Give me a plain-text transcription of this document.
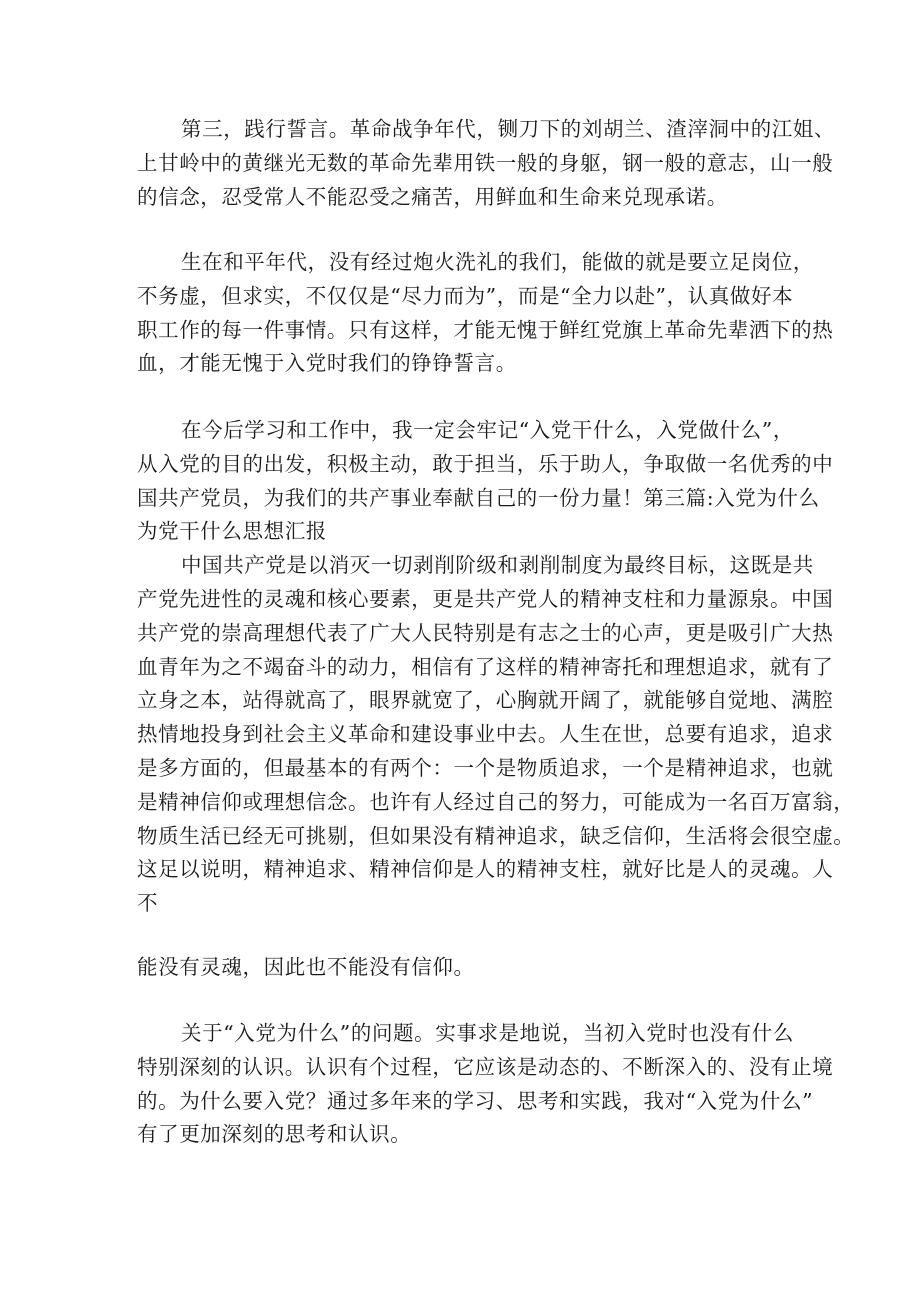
第三，践行誓言。革命战争年代，铡刀下的刘胡兰、渣滓洞中的江姐、
上甘岭中的黄继光无数的革命先辈用铁一般的身躯，钢一般的意志，山一般
的信念，忍受常人不能忍受之痛苦，用鲜血和生命来兑现承诺。

生在和平年代，没有经过炮火洗礼的我们，能做的就是要立足岗位，
不务虚，但求实，不仅仅是“尽力而为”，而是“全力以赴”，认真做好本
职工作的每一件事情。只有这样，才能无愧于鲜红党旗上革命先辈洒下的热
血，才能无愧于入党时我们的铮铮誓言。

在今后学习和工作中，我一定会牢记“入党干什么，入党做什么”，
从入党的目的出发，积极主动，敢于担当，乐于助人，争取做一名优秀的中
国共产党员，为我们的共产事业奉献自己的一份力量！第三篇:入党为什么
为党干什么思想汇报
中国共产党是以消灭一切剥削阶级和剥削制度为最终目标，这既是共
产党先进性的灵魂和核心要素，更是共产党人的精神支柱和力量源泉。中国
共产党的崇高理想代表了广大人民特别是有志之士的心声，更是吸引广大热
血青年为之不竭奋斗的动力，相信有了这样的精神寄托和理想追求，就有了
立身之本，站得就高了，眼界就宽了，心胸就开阔了，就能够自觉地、满腔
热情地投身到社会主义革命和建设事业中去。人生在世，总要有追求，追求
是多方面的，但最基本的有两个：一个是物质追求，一个是精神追求，也就
是精神信仰或理想信念。也许有人经过自己的努力，可能成为一名百万富翁，
物质生活已经无可挑剔，但如果没有精神追求，缺乏信仰，生活将会很空虚。
这足以说明，精神追求、精神信仰是人的精神支柱，就好比是人的灵魂。人
不

能没有灵魂，因此也不能没有信仰。

关于“入党为什么”的问题。实事求是地说，当初入党时也没有什么
特别深刻的认识。认识有个过程，它应该是动态的、不断深入的、没有止境
的。为什么要入党？通过多年来的学习、思考和实践，我对“入党为什么”
有了更加深刻的思考和认识。
